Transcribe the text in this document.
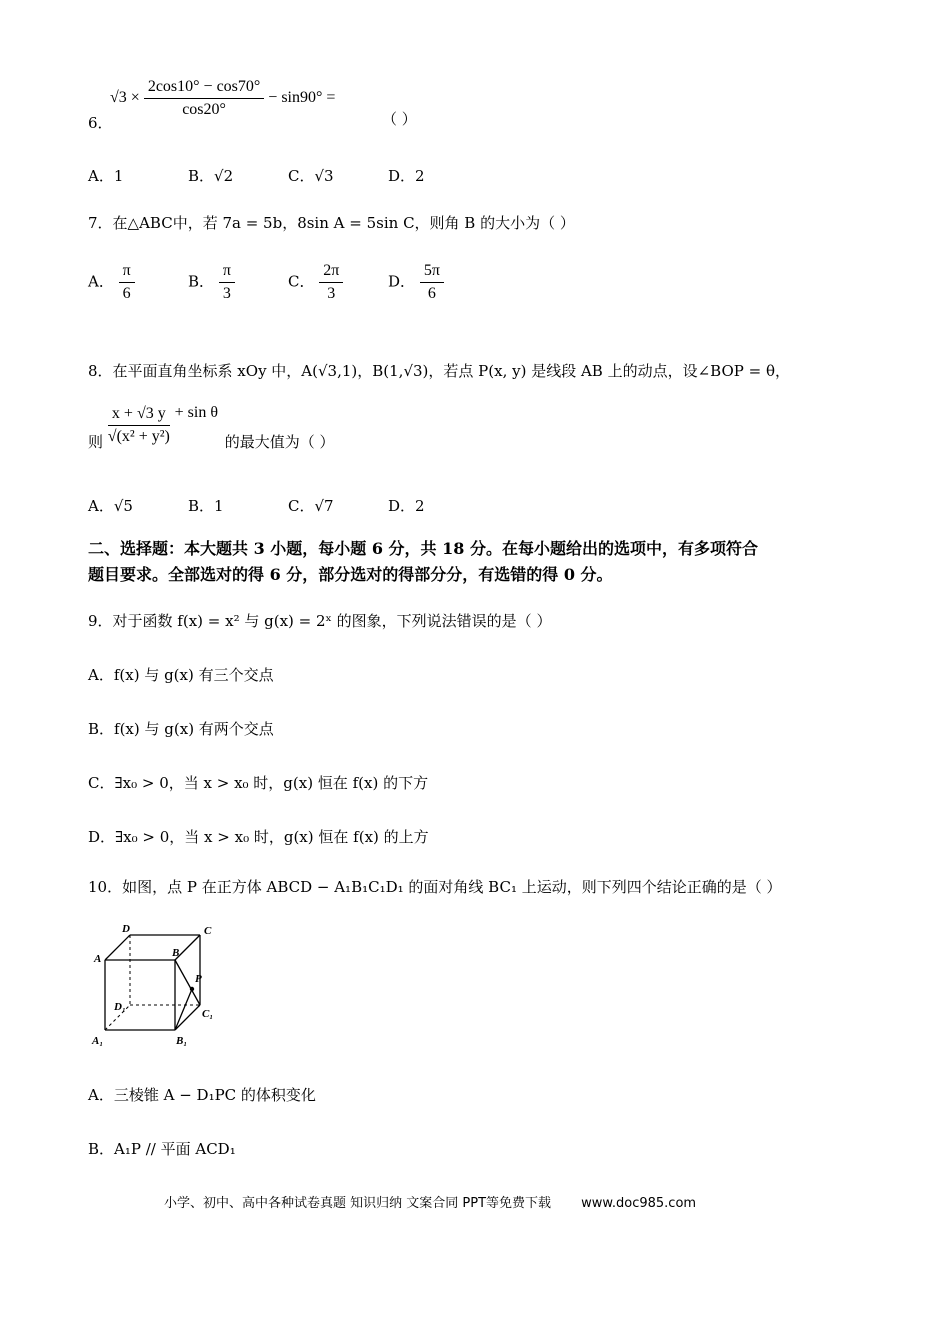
$√3 \times \frac{2\cos 10^\circ - \cos 70^\circ}{\cos 20^\circ} - \sin 90^\circ$ =
6．	（ ）
A．1	B．√2	C．√3	D．2
7．在△ABC中，若 7a = 5b，8sin A = 5sin C，则角 B 的大小为（ ）
A． $\frac{\pi}{6}$	B． $\frac{\pi}{3}$	C． $\frac{2\pi}{3}$	D． $\frac{5\pi}{6}$
8．在平面直角坐标系 xOy 中，A(√3,1)，B(1,√3)，若点 P(x, y) 是线段 AB 上的动点，设∠BOP = θ，
则 $\frac{x + √3 y}{\text{√(x² + y²)}} + \sin \theta$ 的最大值为（ ）
A．√5	B．1	C．√7	D．2
二、选择题：本大题共 3 小题，每小题 6 分，共 18 分。在每小题给出的选项中，有多项符合
题目要求。全部选对的得 6 分，部分选对的得部分分，有选错的得 0 分。
9．对于函数 f(x) = x² 与 g(x) = 2ˣ 的图象，下列说法错误的是（ ）
A．f(x) 与 g(x) 有三个交点
B．f(x) 与 g(x) 有两个交点
C．∃x₀ > 0，当 x > x₀ 时，g(x) 恒在 f(x) 的下方
D．∃x₀ > 0，当 x > x₀ 时，g(x) 恒在 f(x) 的上方
10．如图，点 P 在正方体 ABCD − A₁B₁C₁D₁ 的面对角线 BC₁ 上运动，则下列四个结论正确的是（ ）
D	C
A	B
P
D₁
C₁
A₁	B₁
A．三棱锥 A − D₁PC 的体积变化
B．A₁P // 平面 ACD₁
小学、初中、高中各种试卷真题 知识归纳 文案合同 PPT等免费下载 www.doc985.com
